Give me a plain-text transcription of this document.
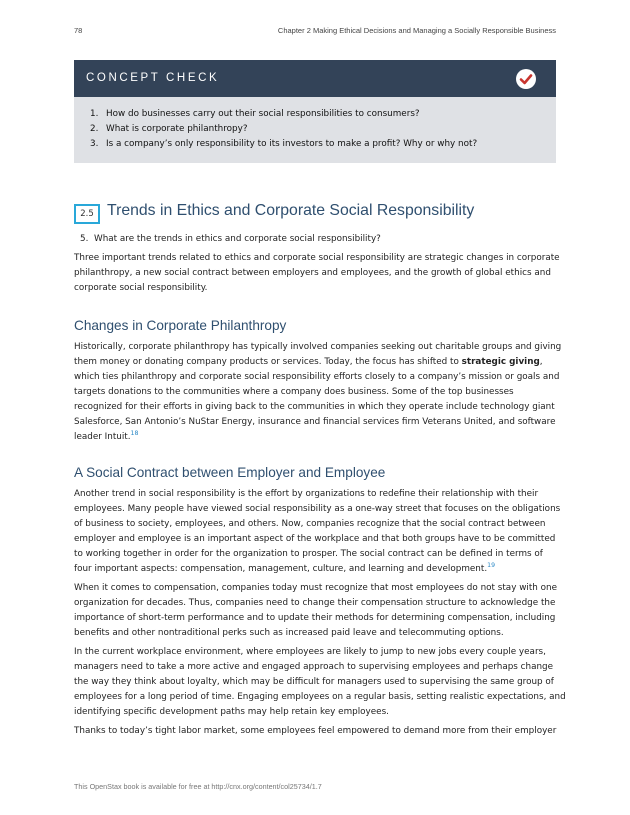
78	Chapter 2 Making Ethical Decisions and Managing a Socially Responsible Business
CONCEPT CHECK
1. How do businesses carry out their social responsibilities to consumers?
2. What is corporate philanthropy?
3. Is a company’s only responsibility to its investors to make a profit? Why or why not?
2.5 Trends in Ethics and Corporate Social Responsibility
5. What are the trends in ethics and corporate social responsibility?
Three important trends related to ethics and corporate social responsibility are strategic changes in corporate
philanthropy, a new social contract between employers and employees, and the growth of global ethics and
corporate social responsibility.
Changes in Corporate Philanthropy
Historically, corporate philanthropy has typically involved companies seeking out charitable groups and giving
them money or donating company products or services. Today, the focus has shifted to strategic giving,
which ties philanthropy and corporate social responsibility efforts closely to a company’s mission or goals and
targets donations to the communities where a company does business. Some of the top businesses
recognized for their efforts in giving back to the communities in which they operate include technology giant
Salesforce, San Antonio’s NuStar Energy, insurance and financial services firm Veterans United, and software
leader Intuit.$^{18}$
A Social Contract between Employer and Employee
Another trend in social responsibility is the effort by organizations to redefine their relationship with their
employees. Many people have viewed social responsibility as a one-way street that focuses on the obligations
of business to society, employees, and others. Now, companies recognize that the social contract between
employer and employee is an important aspect of the workplace and that both groups have to be committed
to working together in order for the organization to prosper. The social contract can be defined in terms of
four important aspects: compensation, management, culture, and learning and development.$^{19}$
When it comes to compensation, companies today must recognize that most employees do not stay with one
organization for decades. Thus, companies need to change their compensation structure to acknowledge the
importance of short-term performance and to update their methods for determining compensation, including
benefits and other nontraditional perks such as increased paid leave and telecommuting options.
In the current workplace environment, where employees are likely to jump to new jobs every couple years,
managers need to take a more active and engaged approach to supervising employees and perhaps change
the way they think about loyalty, which may be difficult for managers used to supervising the same group of
employees for a long period of time. Engaging employees on a regular basis, setting realistic expectations, and
identifying specific development paths may help retain key employees.
Thanks to today’s tight labor market, some employees feel empowered to demand more from their employer
This OpenStax book is available for free at http://cnx.org/content/col25734/1.7
